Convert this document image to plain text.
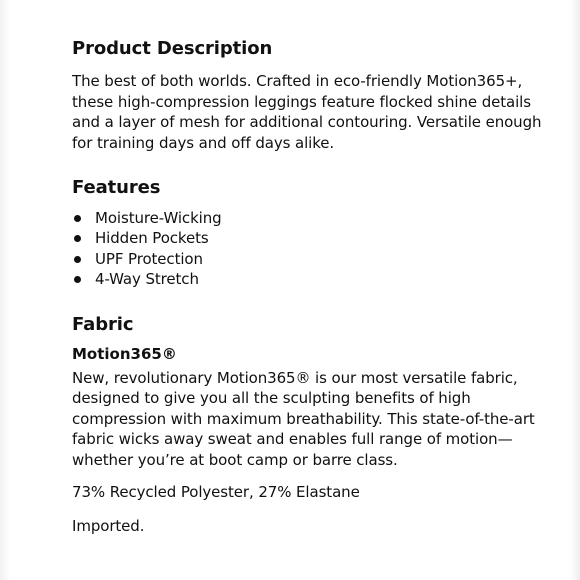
Product Description

The best of both worlds. Crafted in eco-friendly Motion365+, these high-compression leggings feature flocked shine details and a layer of mesh for additional contouring. Versatile enough for training days and off days alike.

Features
Moisture-Wicking
Hidden Pockets
UPF Protection
4-Way Stretch
Fabric
Motion365®

New, revolutionary Motion365® is our most versatile fabric, designed to give you all the sculpting benefits of high compression with maximum breathability. This state-of-the-art fabric wicks away sweat and enables full range of motion—whether you’re at boot camp or barre class.

73% Recycled Polyester, 27% Elastane

Imported.
